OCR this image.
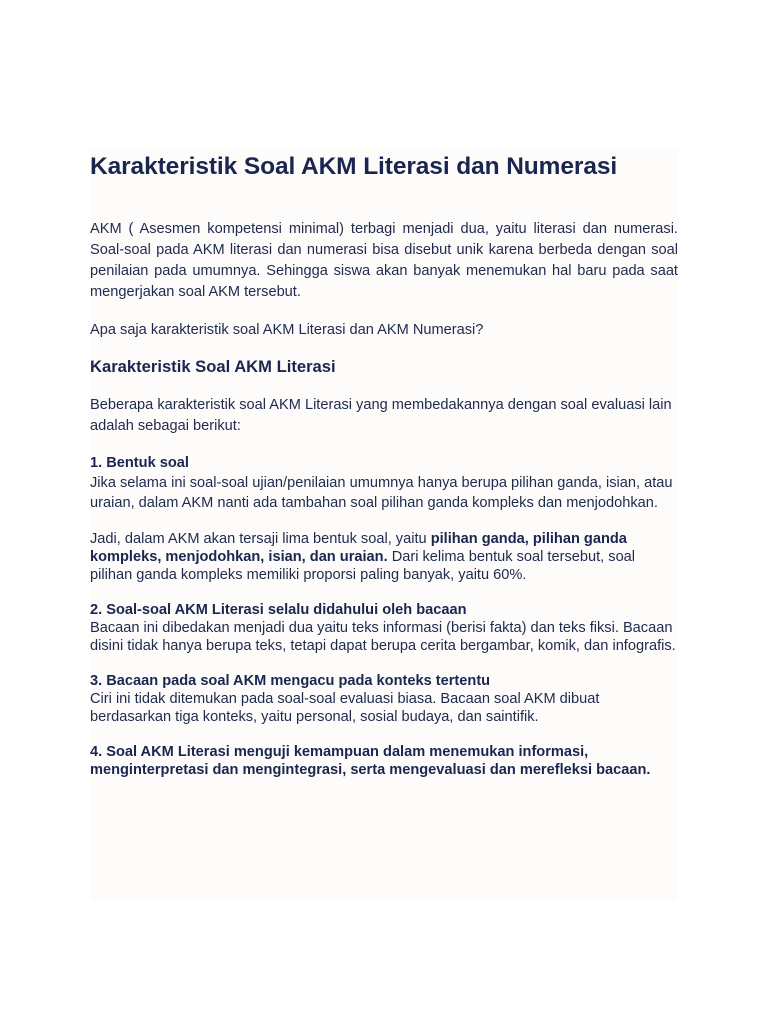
Karakteristik Soal AKM Literasi dan Numerasi

AKM ( Asesmen kompetensi minimal) terbagi menjadi dua, yaitu literasi dan numerasi. Soal-soal pada AKM literasi dan numerasi bisa disebut unik karena berbeda dengan soal penilaian pada umumnya. Sehingga siswa akan banyak menemukan hal baru pada saat mengerjakan soal AKM tersebut.

Apa saja karakteristik soal AKM Literasi dan AKM Numerasi?

Karakteristik Soal AKM Literasi

Beberapa karakteristik soal AKM Literasi yang membedakannya dengan soal evaluasi lain adalah sebagai berikut:

1. Bentuk soal
Jika selama ini soal-soal ujian/penilaian umumnya hanya berupa pilihan ganda, isian, atau uraian, dalam AKM nanti ada tambahan soal pilihan ganda kompleks dan menjodohkan.

Jadi, dalam AKM akan tersaji lima bentuk soal, yaitu pilihan ganda, pilihan ganda kompleks, menjodohkan, isian, dan uraian. Dari kelima bentuk soal tersebut, soal pilihan ganda kompleks memiliki proporsi paling banyak, yaitu 60%.

2. Soal-soal AKM Literasi selalu didahului oleh bacaan
Bacaan ini dibedakan menjadi dua yaitu teks informasi (berisi fakta) dan teks fiksi. Bacaan disini tidak hanya berupa teks, tetapi dapat berupa cerita bergambar, komik, dan infografis.
3. Bacaan pada soal AKM mengacu pada konteks tertentu
Ciri ini tidak ditemukan pada soal-soal evaluasi biasa. Bacaan soal AKM dibuat berdasarkan tiga konteks, yaitu personal, sosial budaya, dan saintifik.
4. Soal AKM Literasi menguji kemampuan dalam menemukan informasi, menginterpretasi dan mengintegrasi, serta mengevaluasi dan merefleksi bacaan.
